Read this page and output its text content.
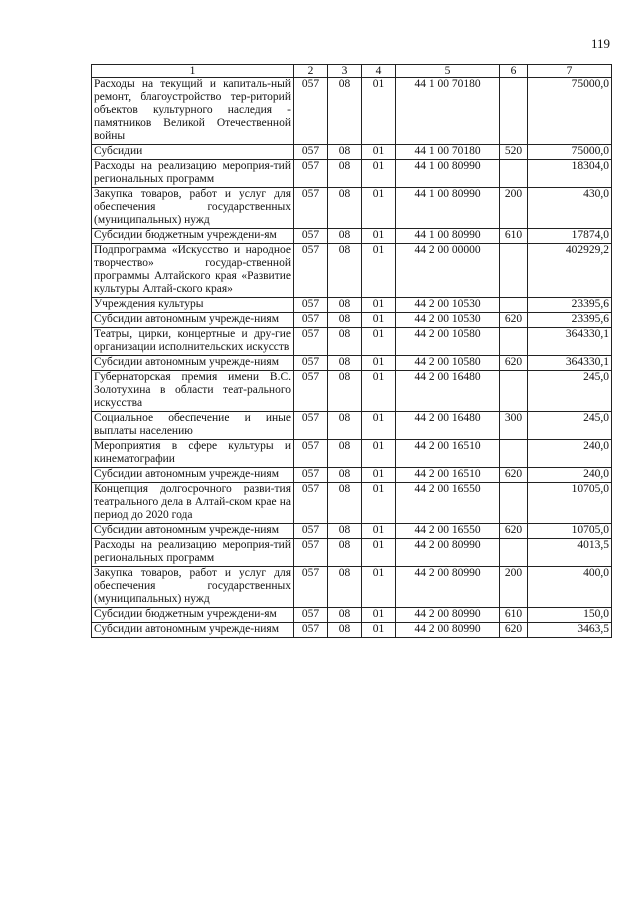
119
1	2	3	4	5	6	7
Расходы на текущий и капиталь-ный ремонт, благоустройство тер-риторий объектов культурного наследия - памятников Великой Отечественной войны	057	08	01	44 1 00 70180		75000,0
Субсидии	057	08	01	44 1 00 70180	520	75000,0
Расходы на реализацию мероприя-тий региональных программ	057	08	01	44 1 00 80990		18304,0
Закупка товаров, работ и услуг для обеспечения государственных (муниципальных) нужд	057	08	01	44 1 00 80990	200	430,0
Субсидии бюджетным учреждени-ям	057	08	01	44 1 00 80990	610	17874,0
Подпрограмма «Искусство и народное творчество» государ-ственной программы Алтайского края «Развитие культуры Алтай-ского края»	057	08	01	44 2 00 00000		402929,2
Учреждения культуры	057	08	01	44 2 00 10530		23395,6
Субсидии автономным учрежде-ниям	057	08	01	44 2 00 10530	620	23395,6
Театры, цирки, концертные и дру-гие организации исполнительских искусств	057	08	01	44 2 00 10580		364330,1
Субсидии автономным учрежде-ниям	057	08	01	44 2 00 10580	620	364330,1
Губернаторская премия имени В.С. Золотухина в области теат-рального искусства	057	08	01	44 2 00 16480		245,0
Социальное обеспечение и иные выплаты населению	057	08	01	44 2 00 16480	300	245,0
Мероприятия в сфере культуры и кинематографии	057	08	01	44 2 00 16510		240,0
Субсидии автономным учрежде-ниям	057	08	01	44 2 00 16510	620	240,0
Концепция долгосрочного разви-тия театрального дела в Алтай-ском крае на период до 2020 года	057	08	01	44 2 00 16550		10705,0
Субсидии автономным учрежде-ниям	057	08	01	44 2 00 16550	620	10705,0
Расходы на реализацию мероприя-тий региональных программ	057	08	01	44 2 00 80990		4013,5
Закупка товаров, работ и услуг для обеспечения государственных (муниципальных) нужд	057	08	01	44 2 00 80990	200	400,0
Субсидии бюджетным учреждени-ям	057	08	01	44 2 00 80990	610	150,0
Субсидии автономным учрежде-ниям	057	08	01	44 2 00 80990	620	3463,5
